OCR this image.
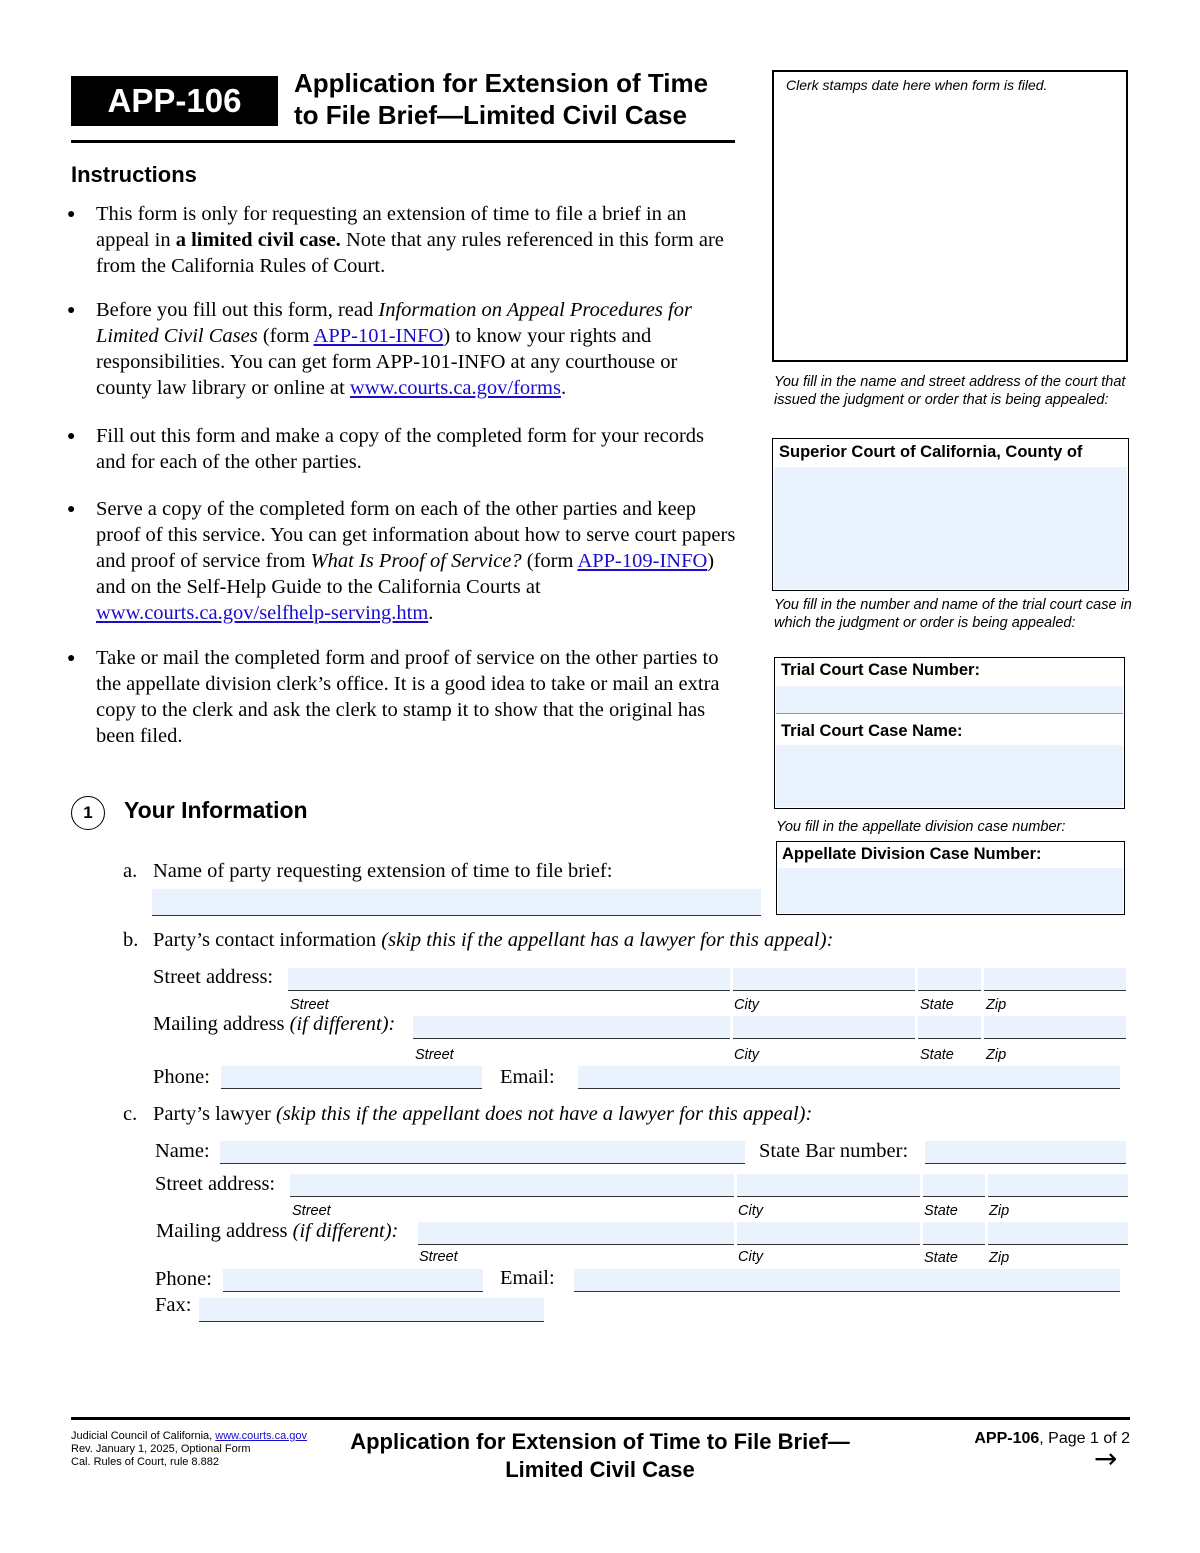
APP-106 Application for Extension of Time
to File Brief—Limited Civil Case
Clerk stamps date here when form is filed.
You fill in the name and street address of the court that issued the judgment or order that is being appealed:
Superior Court of California, County of
You fill in the number and name of the trial court case in which the judgment or order is being appealed:
Trial Court Case Number:
Trial Court Case Name:
You fill in the appellate division case number:
Appellate Division Case Number:
Instructions
● This form is only for requesting an extension of time to file a brief in an appeal in a limited civil case. Note that any rules referenced in this form are from the California Rules of Court.

● Before you fill out this form, read Information on Appeal Procedures for Limited Civil Cases (form APP-101-INFO) to know your rights and responsibilities. You can get form APP-101-INFO at any courthouse or county law library or online at www.courts.ca.gov/forms.

● Fill out this form and make a copy of the completed form for your records and for each of the other parties.

● Serve a copy of the completed form on each of the other parties and keep proof of this service. You can get information about how to serve court papers and proof of service from What Is Proof of Service? (form APP-109-INFO) and on the Self-Help Guide to the California Courts at www.courts.ca.gov/selfhelp-serving.htm.

● Take or mail the completed form and proof of service on the other parties to the appellate division clerk’s office. It is a good idea to take or mail an extra copy to the clerk and ask the clerk to stamp it to show that the original has been filed.

1	Your Information
a. Name of party requesting extension of time to file brief:
b. Party’s contact information (skip this if the appellant has a lawyer for this appeal):
Street address:
Street	City	State Zip
Mailing address (if different):
Street	City	State Zip
Phone:	Email:
c. Party’s lawyer (skip this if the appellant does not have a lawyer for this appeal):
Name:	State Bar number:
Street address:
Street	City	State Zip
Mailing address (if different):
Street	City	State Zip
Phone:	Email:
Fax:
Judicial Council of California, www.courts.ca.gov
Rev. January 1, 2025, Optional Form
Cal. Rules of Court, rule 8.882
Application for Extension of Time to File Brief—
Limited Civil Case
APP-106, Page 1 of 2
→
